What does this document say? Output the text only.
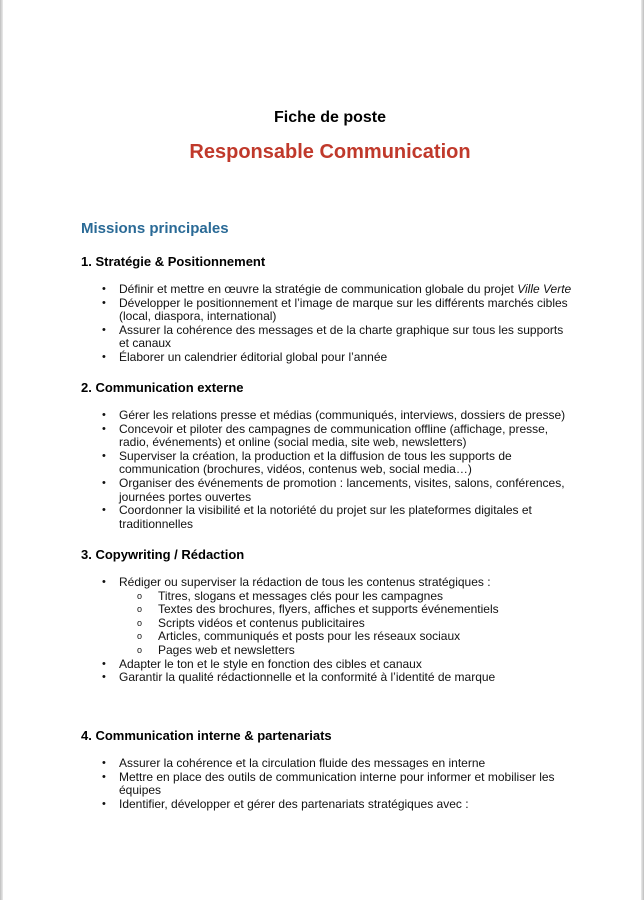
Fiche de poste
Responsable Communication
Missions principales
1. Stratégie & Positionnement
• Définir et mettre en œuvre la stratégie de communication globale du projet Ville Verte
• Développer le positionnement et l’image de marque sur les différents marchés cibles (local, diaspora, international)
• Assurer la cohérence des messages et de la charte graphique sur tous les supports et canaux
• Élaborer un calendrier éditorial global pour l’année
2. Communication externe
• Gérer les relations presse et médias (communiqués, interviews, dossiers de presse)
• Concevoir et piloter des campagnes de communication offline (affichage, presse, radio, événements) et online (social media, site web, newsletters)
• Superviser la création, la production et la diffusion de tous les supports de communication (brochures, vidéos, contenus web, social media…)
• Organiser des événements de promotion : lancements, visites, salons, conférences, journées portes ouvertes
• Coordonner la visibilité et la notoriété du projet sur les plateformes digitales et traditionnelles
3. Copywriting / Rédaction
• Rédiger ou superviser la rédaction de tous les contenus stratégiques :
o Titres, slogans et messages clés pour les campagnes
o Textes des brochures, flyers, affiches et supports événementiels
o Scripts vidéos et contenus publicitaires
o Articles, communiqués et posts pour les réseaux sociaux
o Pages web et newsletters
• Adapter le ton et le style en fonction des cibles et canaux
• Garantir la qualité rédactionnelle et la conformité à l’identité de marque
4. Communication interne & partenariats
• Assurer la cohérence et la circulation fluide des messages en interne
• Mettre en place des outils de communication interne pour informer et mobiliser les équipes
• Identifier, développer et gérer des partenariats stratégiques avec :
